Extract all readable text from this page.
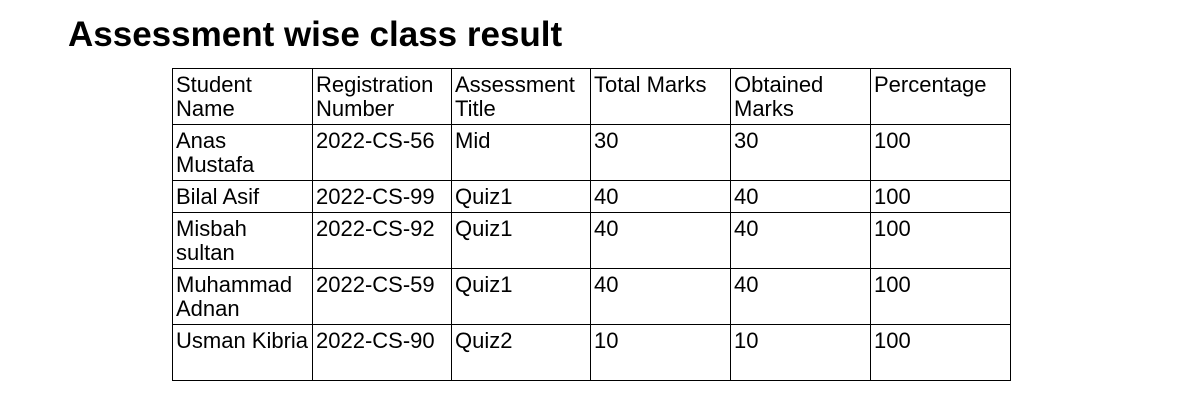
Assessment wise class result
Student Name	Registration Number	Assessment Title	Total Marks	Obtained Marks	Percentage
Anas Mustafa	2022-CS-56	Mid	30	30	100
Bilal Asif	2022-CS-99	Quiz1	40	40	100
Misbah sultan	2022-CS-92	Quiz1	40	40	100
Muhammad Adnan	2022-CS-59	Quiz1	40	40	100
Usman Kibria	2022-CS-90	Quiz2	10	10	100
